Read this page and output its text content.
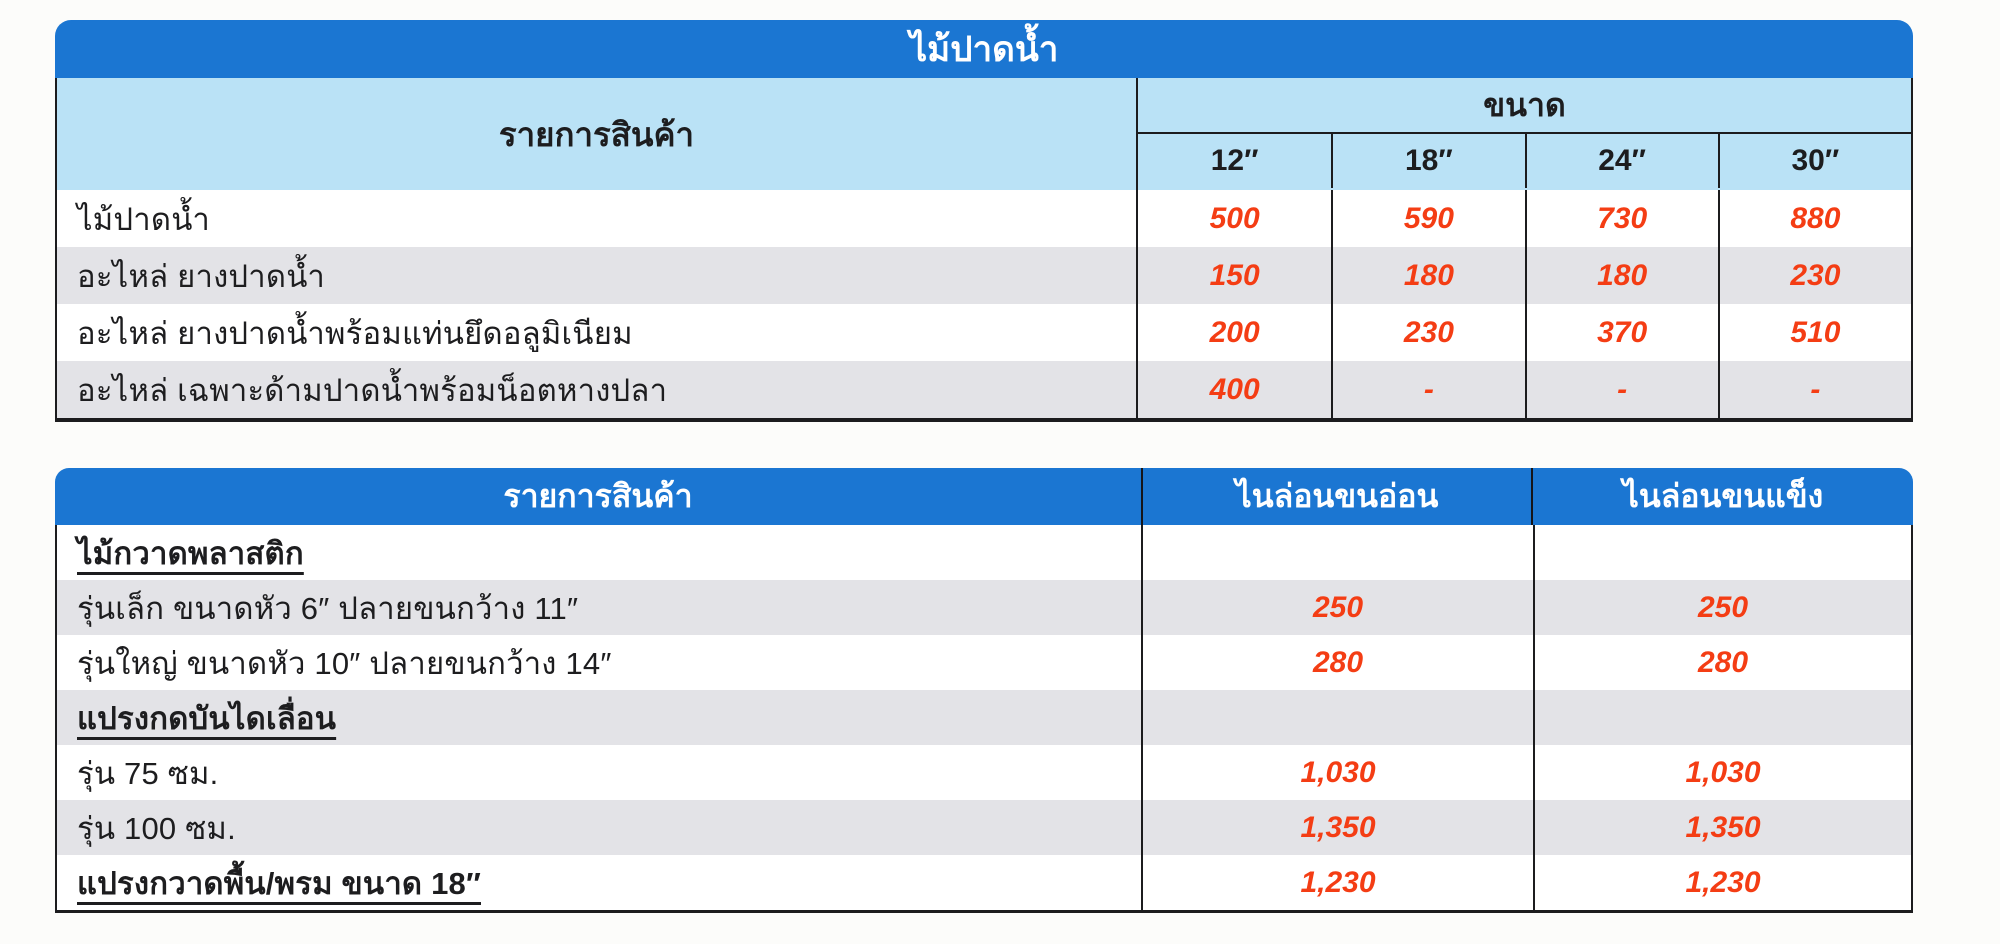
ไม้ปาดน้ำ
รายการสินค้า
ขนาด
12″	18″	24″	30″
ไม้ปาดน้ำ	500	590	730	880
อะไหล่ ยางปาดน้ำ	150	180	180	230
อะไหล่ ยางปาดน้ำพร้อมแท่นยึดอลูมิเนียม	200	230	370	510
อะไหล่ เฉพาะด้ามปาดน้ำพร้อมน็อตหางปลา	400	-	-	-
รายการสินค้า	ไนล่อนขนอ่อน	ไนล่อนขนแข็ง
ไม้กวาดพลาสติก
รุ่นเล็ก ขนาดหัว 6″ ปลายขนกว้าง 11″	250	250
รุ่นใหญ่ ขนาดหัว 10″ ปลายขนกว้าง 14″	280	280
แปรงกดบันไดเลื่อน
รุ่น 75 ซม.	1,030	1,030
รุ่น 100 ซม.	1,350	1,350
แปรงกวาดพื้น/พรม ขนาด 18″	1,230	1,230
